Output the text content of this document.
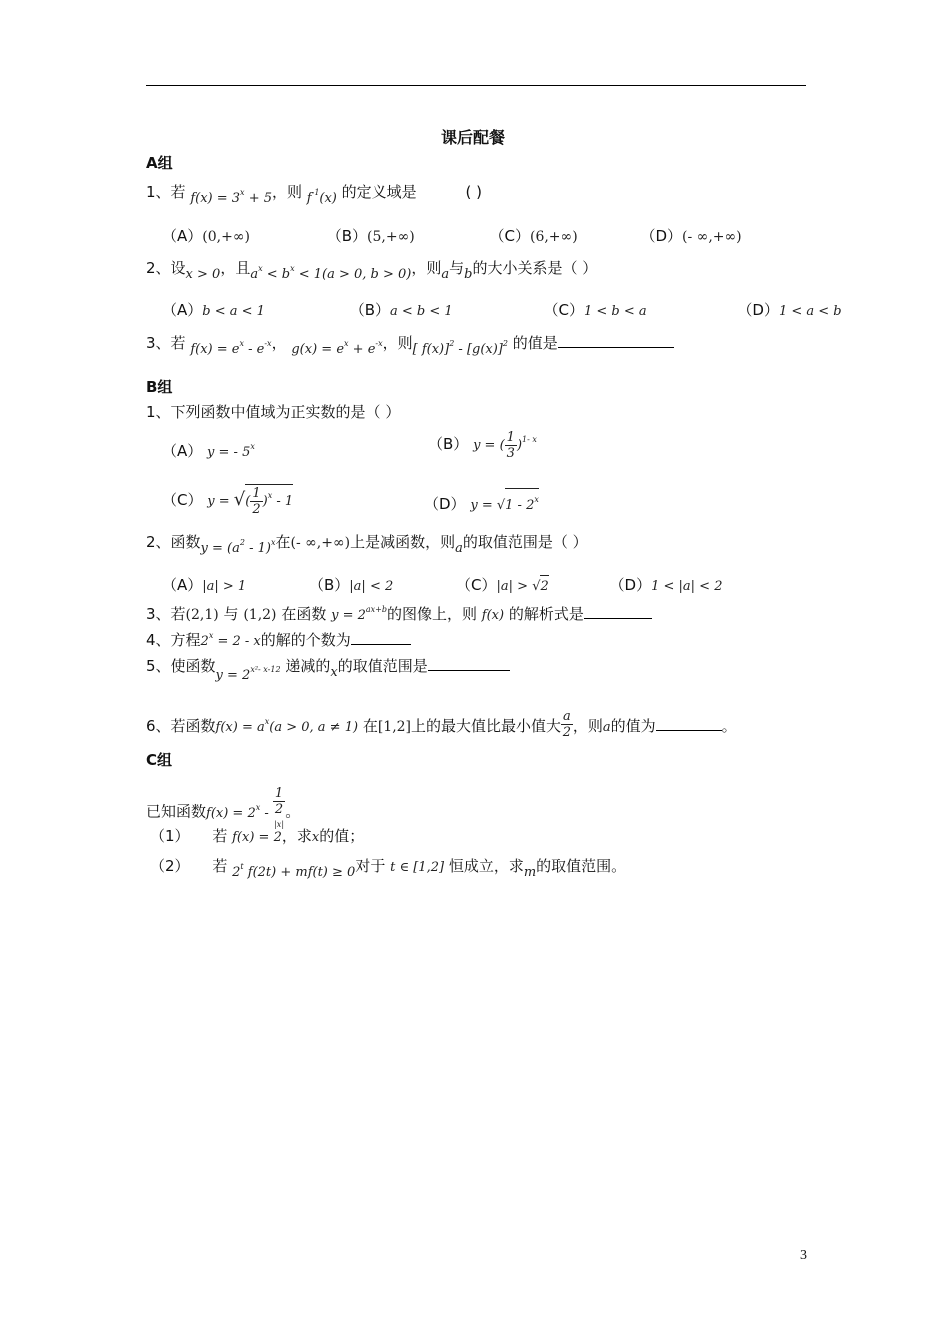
课后配餐
A组
1、若 $f(x) = 3^x + 5$，则 $f^{-1}(x)$ 的定义域是	( )
（A）(0,+∞)	（B）(5,+∞)	（C）(6,+∞)	（D）(- ∞,+∞)
2、设x > 0，且$a^x < b^x < 1(a > 0$, b > 0)，则a与b的大小关系是（ ）
（A）b < a < 1	（B）a < b < 1	（C）1 < b < a	（D）1 < a < b
3、若 $f(x) = e^x - e^{-x}$， $g(x) = e^x + e^{-x}$，则[ $f(x)]^2 - [g(x)]^2$ 的值是
B组
1、下列函数中值域为正实数的是（ ）
（A） y = - 5$^x$	（B） y = ( $\frac{1}{3} )^{1- x}$
（C） y = √( $\frac{1}{2} )^x - 1$	（D） y = √1 - 2$^x$
2、函数$y = (a^2 - 1)^x$在(- ∞,+∞)上是减函数，则a的取值范围是（ ）
（A）|a| > 1	（B）|a| < 2	（C）|a| > √2	（D）1 < |a| < 2
3、若(2,1) 与 (1,2) 在函数 $y = 2^{ax+b}$的图像上，则 f(x) 的解析式是
4、方程$2^x = 2 - x$的解的个数为
5、使函数$y = 2^{x^2- x-12}$ 递减的x的取值范围是
6、若函数$f(x) = a^x(a > 0$, a ≠ 1) 在[1,2]上的最大值比最小值大 $\frac{a}{2}$ ，则a的值为	。
C组
已知函数$f(x) = 2^x - 1$
2
$^{|x|}$ 。
（1） 若 f(x) = 2，求x的值；
（2） 若 2$^t$ f(2t) + mf(t) ≥ 0对于 t ∈ [1,2] 恒成立，求m的取值范围。
3
